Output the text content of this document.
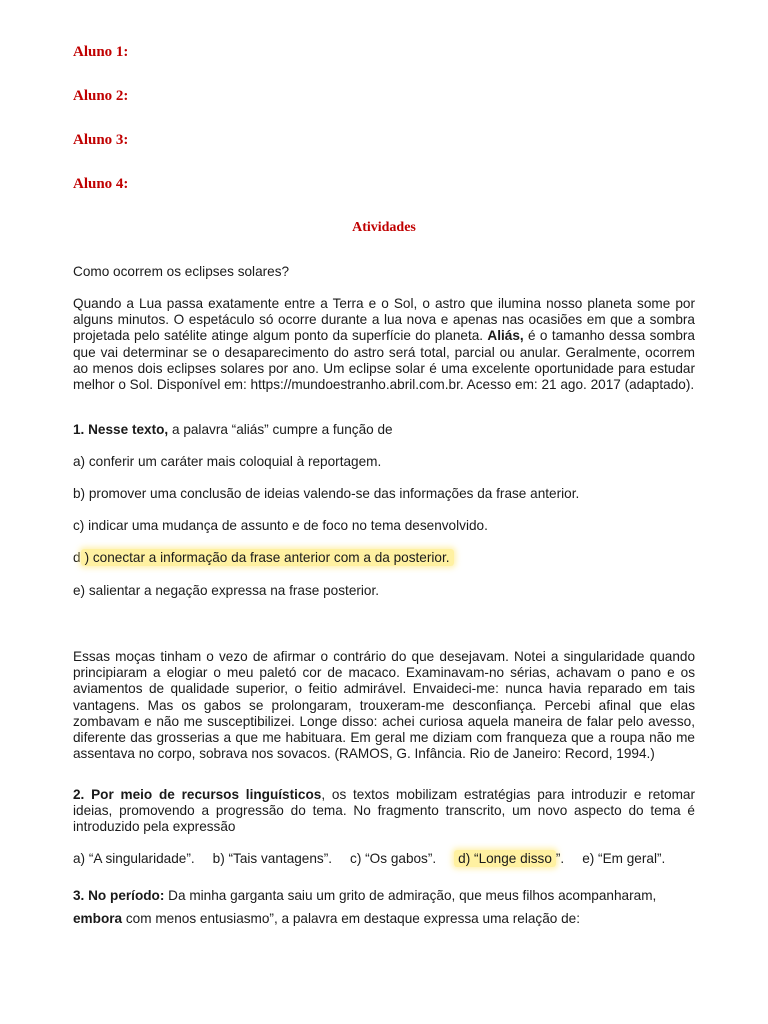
Aluno 1:
Aluno 2:
Aluno 3:
Aluno 4:
Atividades

Como ocorrem os eclipses solares?

Quando a Lua passa exatamente entre a Terra e o Sol, o astro que ilumina nosso planeta some por alguns minutos. O espetáculo só ocorre durante a lua nova e apenas nas ocasiões em que a sombra projetada pelo satélite atinge algum ponto da superfície do planeta. Aliás, é o tamanho dessa sombra que vai determinar se o desaparecimento do astro será total, parcial ou anular. Geralmente, ocorrem ao menos dois eclipses solares por ano. Um eclipse solar é uma excelente oportunidade para estudar melhor o Sol. Disponível em: https://mundoestranho.abril.com.br. Acesso em: 21 ago. 2017 (adaptado).

1. Nesse texto, a palavra “aliás” cumpre a função de

a) conferir um caráter mais coloquial à reportagem.

b) promover uma conclusão de ideias valendo-se das informações da frase anterior.

c) indicar uma mudança de assunto e de foco no tema desenvolvido.

d ) conectar a informação da frase anterior com a da posterior.

e) salientar a negação expressa na frase posterior.

Essas moças tinham o vezo de afirmar o contrário do que desejavam. Notei a singularidade quando principiaram a elogiar o meu paletó cor de macaco. Examinavam-no sérias, achavam o pano e os aviamentos de qualidade superior, o feitio admirável. Envaideci-me: nunca havia reparado em tais vantagens. Mas os gabos se prolongaram, trouxeram-me desconfiança. Percebi afinal que elas zombavam e não me susceptibilizei. Longe disso: achei curiosa aquela maneira de falar pelo avesso, diferente das grosserias a que me habituara. Em geral me diziam com franqueza que a roupa não me assentava no corpo, sobrava nos sovacos. (RAMOS, G. Infância. Rio de Janeiro: Record, 1994.)

2. Por meio de recursos linguísticos, os textos mobilizam estratégias para introduzir e retomar ideias, promovendo a progressão do tema. No fragmento transcrito, um novo aspecto do tema é introduzido pela expressão

a) “A singularidade”. b) “Tais vantagens”. c) “Os gabos”. d) “Longe disso ”. e) “Em geral”.

3. No período: Da minha garganta saiu um grito de admiração, que meus filhos acompanharam,
embora com menos entusiasmo”, a palavra em destaque expressa uma relação de:
